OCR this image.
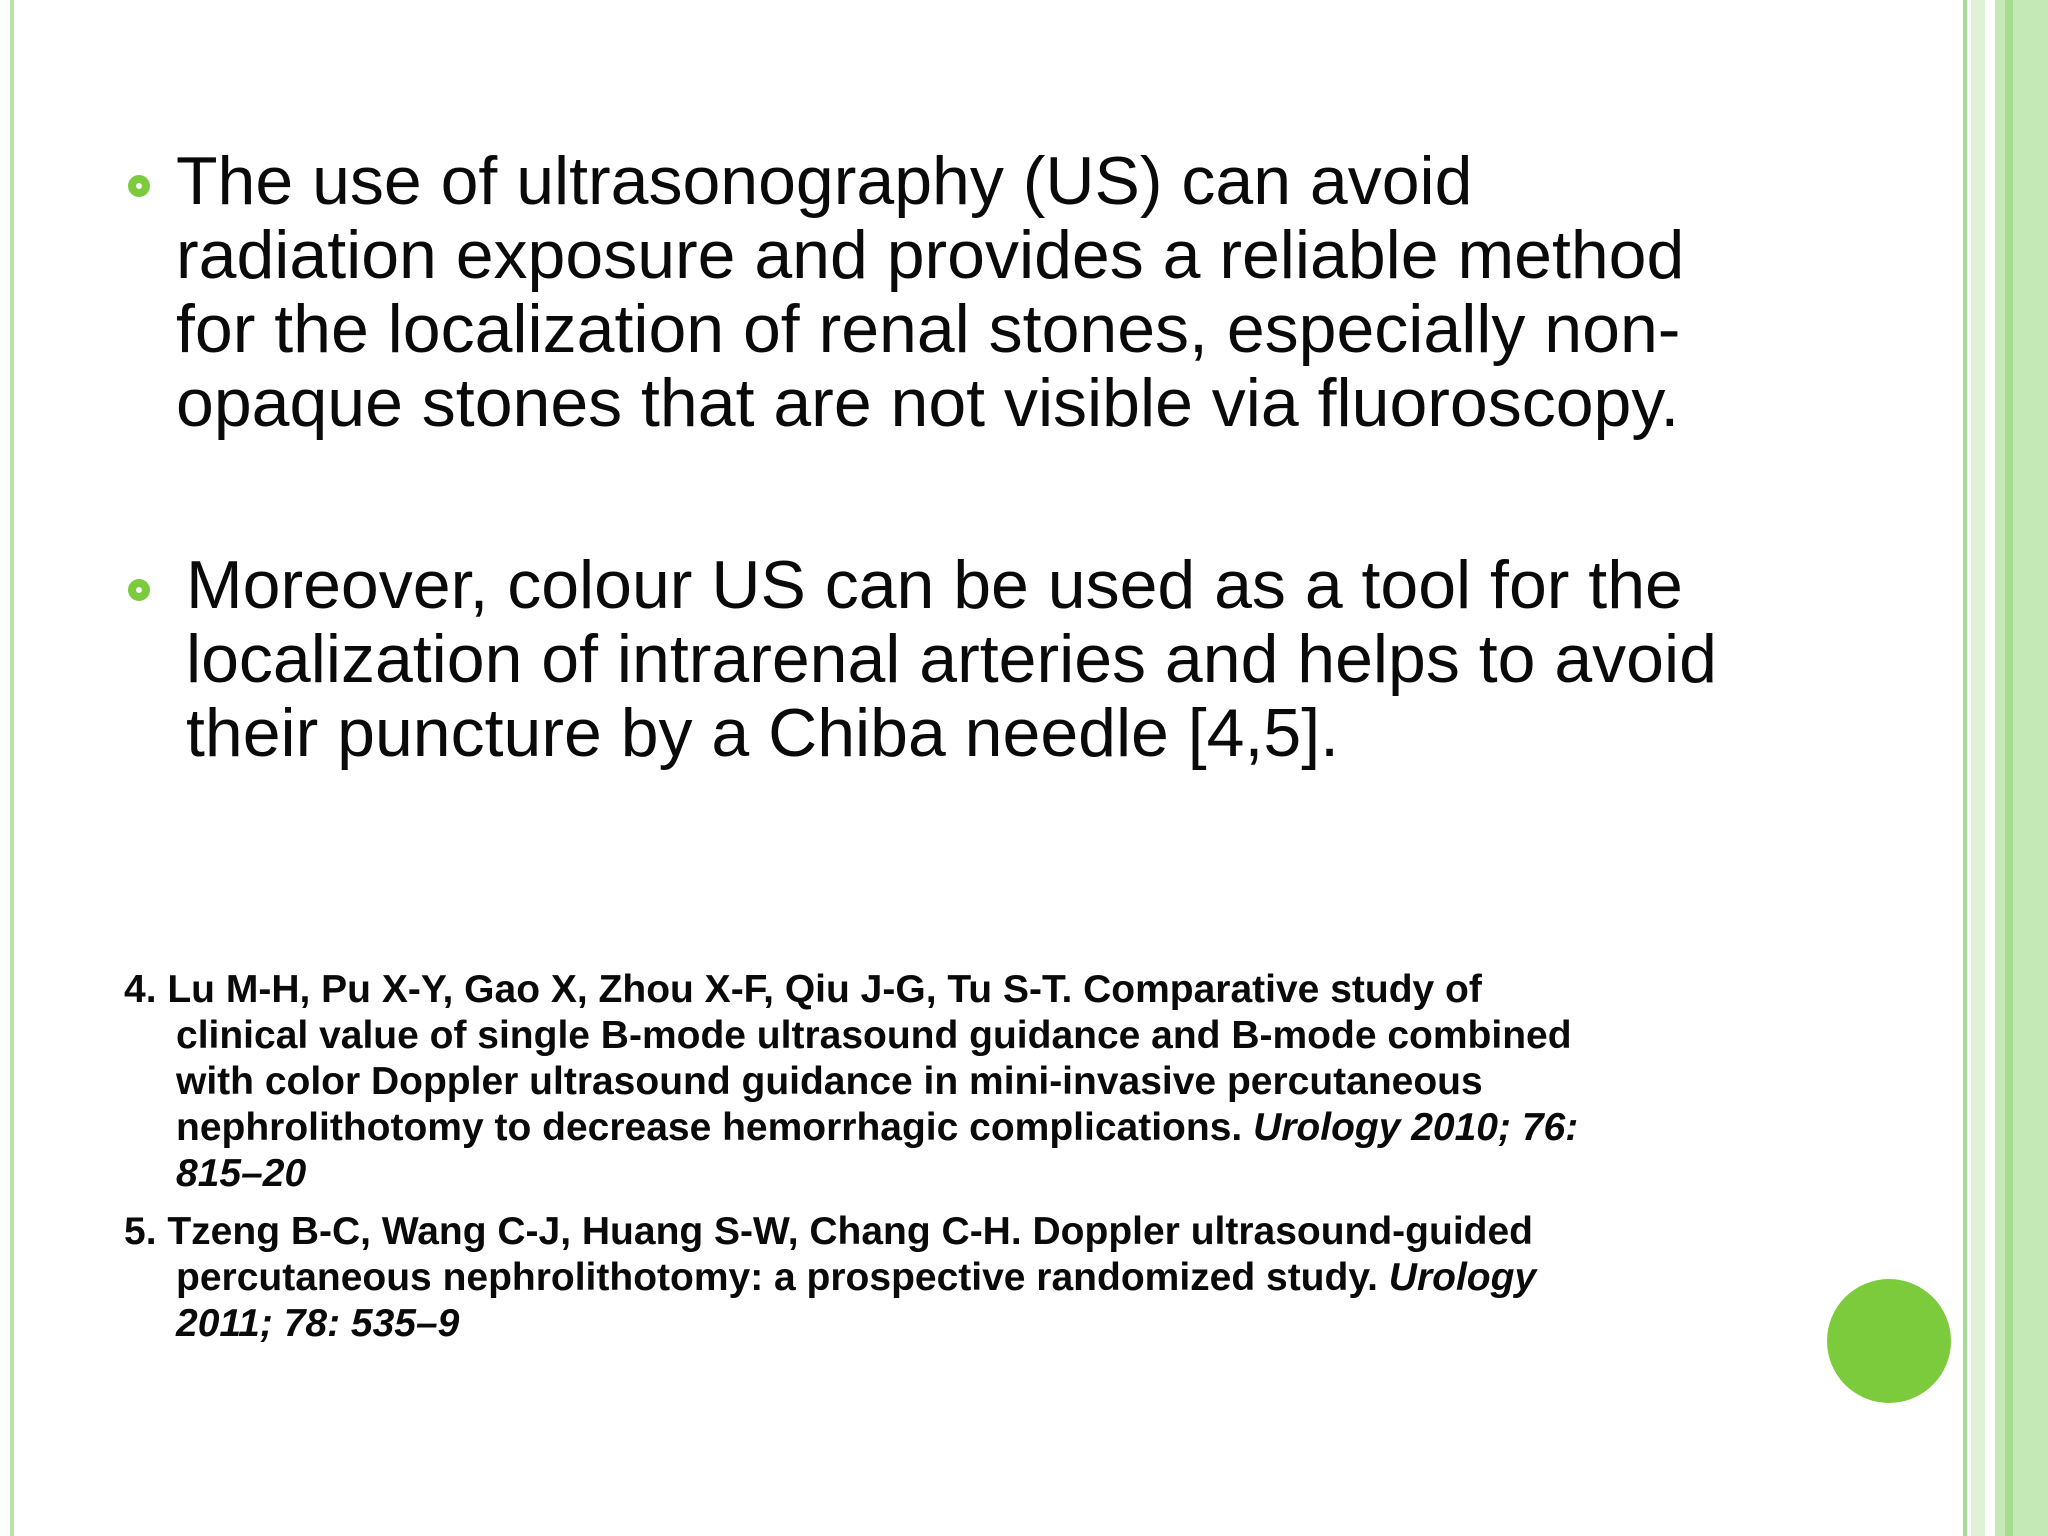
The use of ultrasonography (US) can avoid
radiation exposure and provides a reliable method
for the localization of renal stones, especially non-
opaque stones that are not visible via fluoroscopy.

Moreover, colour US can be used as a tool for the
localization of intrarenal arteries and helps to avoid
their puncture by a Chiba needle [4,5].

4. Lu M-H, Pu X-Y, Gao X, Zhou X-F, Qiu J-G, Tu S-T. Comparative study of
clinical value of single B-mode ultrasound guidance and B-mode combined
with color Doppler ultrasound guidance in mini-invasive percutaneous
nephrolithotomy to decrease hemorrhagic complications. Urology 2010; 76:
815–20

5. Tzeng B-C, Wang C-J, Huang S-W, Chang C-H. Doppler ultrasound-guided
percutaneous nephrolithotomy: a prospective randomized study. Urology
2011; 78: 535–9
